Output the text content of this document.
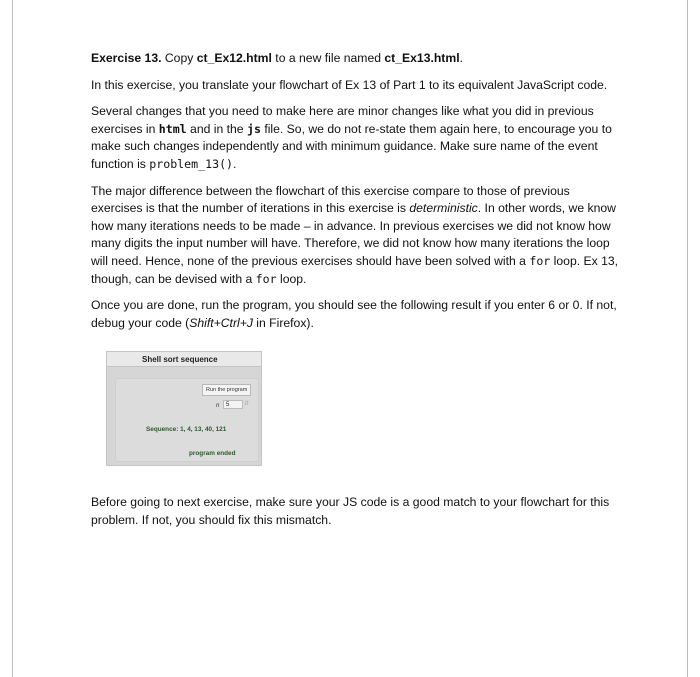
Exercise 13. Copy ct_Ex12.html to a new file named ct_Ex13.html.

In this exercise, you translate your flowchart of Ex 13 of Part 1 to its equivalent JavaScript code.

Several changes that you need to make here are minor changes like what you did in previous exercises in html and in the js file. So, we do not re-state them again here, to encourage you to make such changes independently and with minimum guidance. Make sure name of the event function is problem_13().

The major difference between the flowchart of this exercise compare to those of previous exercises is that the number of iterations in this exercise is deterministic. In other words, we know how many iterations needs to be made – in advance. In previous exercises we did not know how many digits the input number will have. Therefore, we did not know how many iterations the loop will need. Hence, none of the previous exercises should have been solved with a for loop. Ex 13, though, can be devised with a for loop.

Once you are done, run the program, you should see the following result if you enter 6 or 0. If not, debug your code (Shift+Ctrl+J in Firefox).

Shell sort sequence
Run the program
n	5	⇵
Sequence: 1, 4, 13, 40, 121
program ended

Before going to next exercise, make sure your JS code is a good match to your flowchart for this problem. If not, you should fix this mismatch.
